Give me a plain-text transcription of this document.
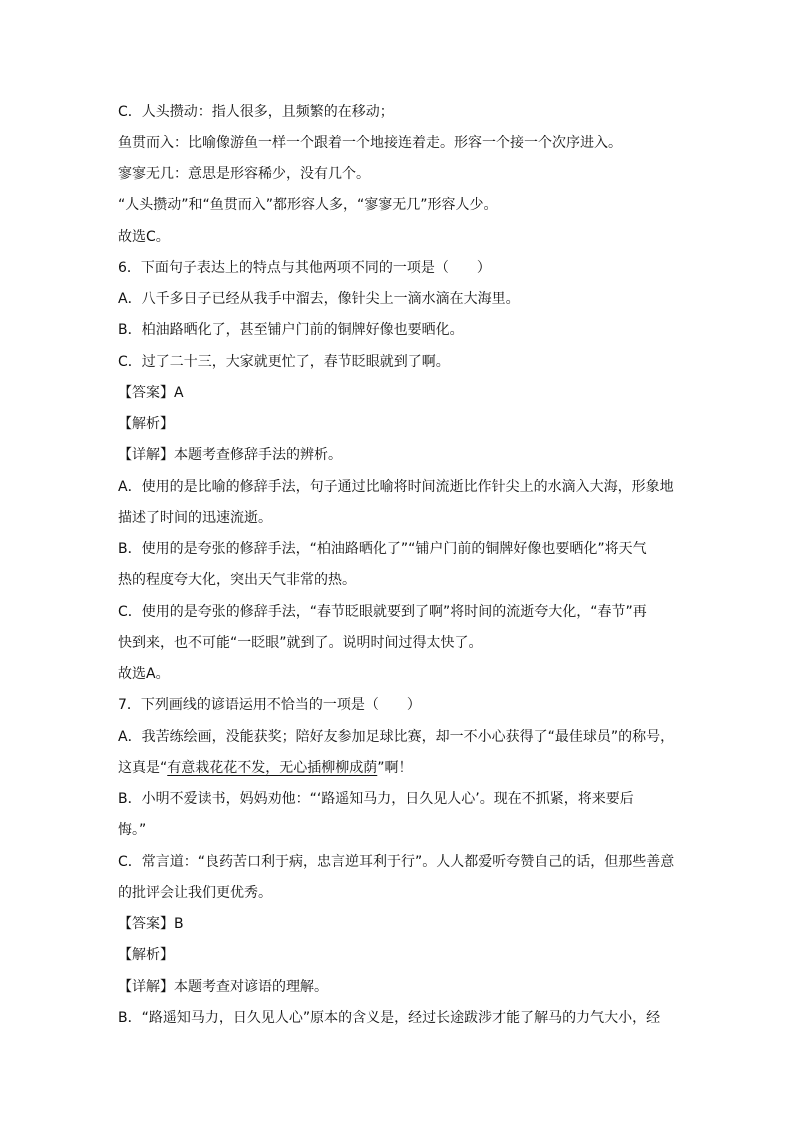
C．人头攒动：指人很多，且频繁的在移动；
鱼贯而入：比喻像游鱼一样一个跟着一个地接连着走。形容一个接一个次序进入。
寥寥无几：意思是形容稀少，没有几个。
“人头攒动”和“鱼贯而入”都形容人多，“寥寥无几”形容人少。
故选C。
6．下面句子表达上的特点与其他两项不同的一项是（　　）
A．八千多日子已经从我手中溜去，像针尖上一滴水滴在大海里。
B．柏油路晒化了，甚至铺户门前的铜牌好像也要晒化。
C．过了二十三，大家就更忙了，春节眨眼就到了啊。
【答案】A
【解析】
【详解】本题考查修辞手法的辨析。
A．使用的是比喻的修辞手法，句子通过比喻将时间流逝比作针尖上的水滴入大海，形象地
描述了时间的迅速流逝。
B．使用的是夸张的修辞手法，“柏油路晒化了”“铺户门前的铜牌好像也要晒化”将天气
热的程度夸大化，突出天气非常的热。
C．使用的是夸张的修辞手法，“春节眨眼就要到了啊”将时间的流逝夸大化，“春节”再
快到来，也不可能“一眨眼”就到了。说明时间过得太快了。
故选A。
7．下列画线的谚语运用不恰当的一项是（　　）
A．我苦练绘画，没能获奖；陪好友参加足球比赛，却一不小心获得了“最佳球员”的称号，
这真是“有意栽花花不发，无心插柳柳成荫”啊！
B．小明不爱读书，妈妈劝他：“‘路遥知马力，日久见人心’。现在不抓紧，将来要后
悔。”
C．常言道：“良药苦口利于病，忠言逆耳利于行”。人人都爱听夸赞自己的话，但那些善意
的批评会让我们更优秀。
【答案】B
【解析】
【详解】本题考查对谚语的理解。
B．“路遥知马力，日久见人心”原本的含义是，经过长途跋涉才能了解马的力气大小，经
